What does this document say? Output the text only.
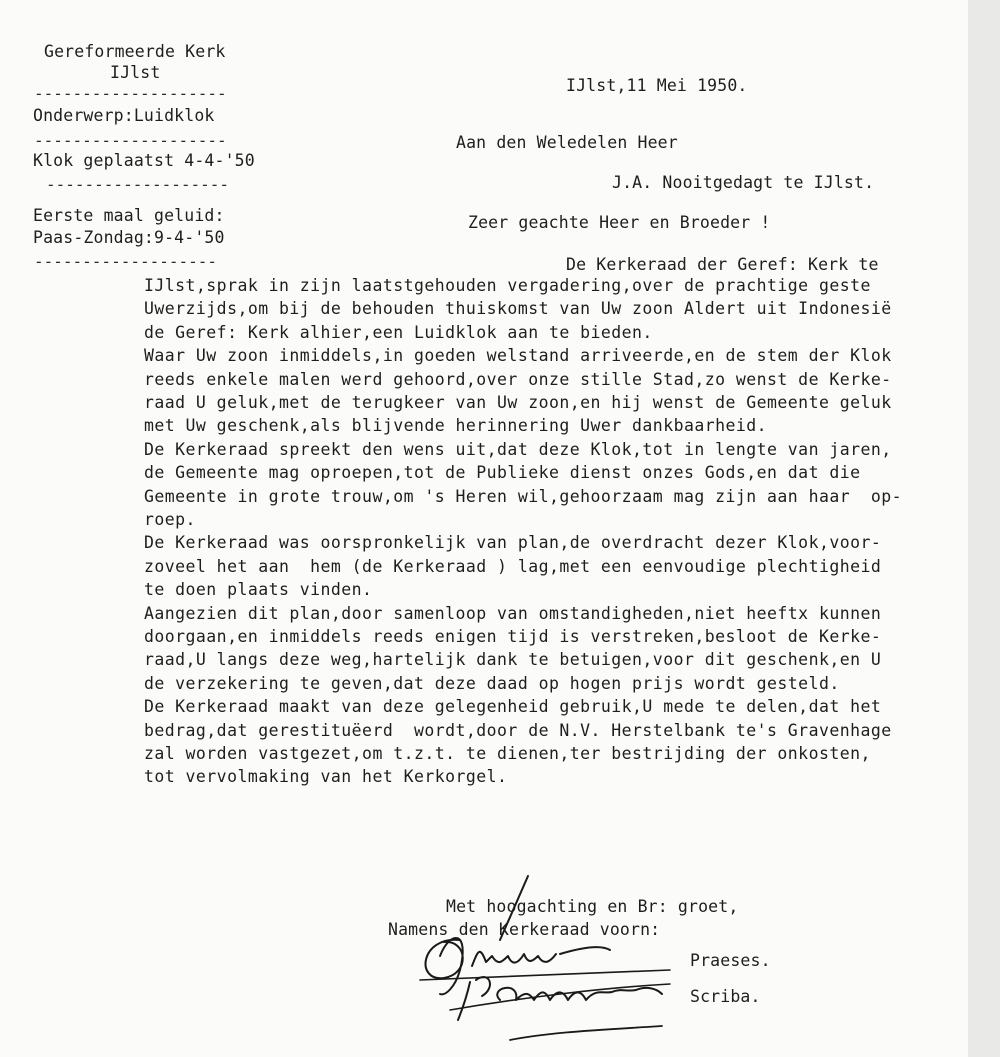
Gereformeerde Kerk
IJlst
--------------------
Onderwerp:Luidklok
--------------------
Klok geplaatst 4-4-'50
-------------------
Eerste maal geluid:
Paas-Zondag:9-4-'50
-------------------
IJlst,11 Mei 1950.
Aan den Weledelen Heer
J.A. Nooitgedagt te IJlst.
Zeer geachte Heer en Broeder !
De Kerkeraad der Geref: Kerk te
IJlst,sprak in zijn laatstgehouden vergadering,over de prachtige geste
Uwerzijds,om bij de behouden thuiskomst van Uw zoon Aldert uit Indonesië
de Geref: Kerk alhier,een Luidklok aan te bieden.
Waar Uw zoon inmiddels,in goeden welstand arriveerde,en de stem der Klok
reeds enkele malen werd gehoord,over onze stille Stad,zo wenst de Kerke-
raad U geluk,met de terugkeer van Uw zoon,en hij wenst de Gemeente geluk
met Uw geschenk,als blijvende herinnering Uwer dankbaarheid.
De Kerkeraad spreekt den wens uit,dat deze Klok,tot in lengte van jaren,
de Gemeente mag oproepen,tot de Publieke dienst onzes Gods,en dat die
Gemeente in grote trouw,om 's Heren wil,gehoorzaam mag zijn aan haar  op-
roep.
De Kerkeraad was oorspronkelijk van plan,de overdracht dezer Klok,voor-
zoveel het aan  hem (de Kerkeraad ) lag,met een eenvoudige plechtigheid
te doen plaats vinden.
Aangezien dit plan,door samenloop van omstandigheden,niet heeftx kunnen
doorgaan,en inmiddels reeds enigen tijd is verstreken,besloot de Kerke-
raad,U langs deze weg,hartelijk dank te betuigen,voor dit geschenk,en U
de verzekering te geven,dat deze daad op hogen prijs wordt gesteld.
De Kerkeraad maakt van deze gelegenheid gebruik,U mede te delen,dat het
bedrag,dat gerestituëerd  wordt,door de N.V. Herstelbank te's Gravenhage
zal worden vastgezet,om t.z.t. te dienen,ter bestrijding der onkosten,
tot vervolmaking van het Kerkorgel.
Met hoogachting en Br: groet,
Namens den Kerkeraad voorn:
Praeses.
Scriba.
